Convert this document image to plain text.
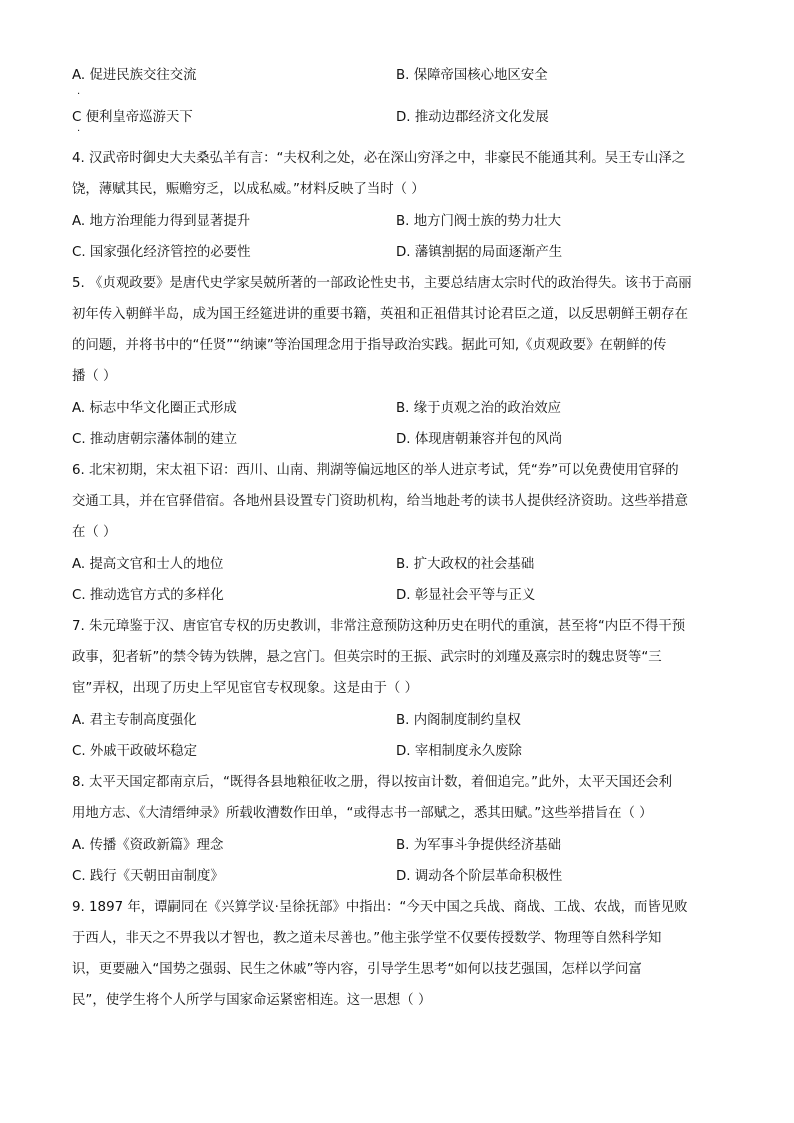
A. 促进民族交往交流	B. 保障帝国核心地区安全
·
C 便利皇帝巡游天下	D. 推动边郡经济文化发展
·
4. 汉武帝时御史大夫桑弘羊有言：“夫权利之处，必在深山穷泽之中，非豪民不能通其利。吴王专山泽之
饶，薄赋其民，赈赡穷乏，以成私威。”材料反映了当时（ ）
A. 地方治理能力得到显著提升	B. 地方门阀士族的势力壮大
C. 国家强化经济管控的必要性	D. 藩镇割据的局面逐渐产生
5. 《贞观政要》是唐代史学家吴兢所著的一部政论性史书，主要总结唐太宗时代的政治得失。该书于高丽
初年传入朝鲜半岛，成为国王经筵进讲的重要书籍，英祖和正祖借其讨论君臣之道，以反思朝鲜王朝存在
的问题，并将书中的“任贤”“纳谏”等治国理念用于指导政治实践。据此可知,《贞观政要》在朝鲜的传
播（ ）
A. 标志中华文化圈正式形成	B. 缘于贞观之治的政治效应
C. 推动唐朝宗藩体制的建立	D. 体现唐朝兼容并包的风尚
6. 北宋初期，宋太祖下诏：西川、山南、荆湖等偏远地区的举人进京考试，凭“券”可以免费使用官驿的
交通工具，并在官驿借宿。各地州县设置专门资助机构，给当地赴考的读书人提供经济资助。这些举措意
在（ ）
A. 提高文官和士人的地位	B. 扩大政权的社会基础
C. 推动选官方式的多样化	D. 彰显社会平等与正义
7. 朱元璋鉴于汉、唐宦官专权的历史教训，非常注意预防这种历史在明代的重演，甚至将“内臣不得干预
政事，犯者斩”的禁令铸为铁牌，悬之宫门。但英宗时的王振、武宗时的刘瑾及熹宗时的魏忠贤等“三
宦”弄权，出现了历史上罕见宦官专权现象。这是由于（ ）
A. 君主专制高度强化	B. 内阁制度制约皇权
C. 外戚干政破坏稳定	D. 宰相制度永久废除
8. 太平天国定都南京后，“既得各县地粮征收之册，得以按亩计数，着佃追完。”此外，太平天国还会利
用地方志、《大清缙绅录》所载收漕数作田单，“或得志书一部赋之，悉其田赋。”这些举措旨在（ ）
A. 传播《资政新篇》理念	B. 为军事斗争提供经济基础
C. 践行《天朝田亩制度》	D. 调动各个阶层革命积极性
9. 1897 年，谭嗣同在《兴算学议·呈徐抚部》中指出：“今天中国之兵战、商战、工战、农战，而皆见败
于西人，非天之不畀我以才智也，教之道未尽善也。”他主张学堂不仅要传授数学、物理等自然科学知
识，更要融入“国势之强弱、民生之休戚”等内容，引导学生思考“如何以技艺强国，怎样以学问富
民”，使学生将个人所学与国家命运紧密相连。这一思想（ ）
